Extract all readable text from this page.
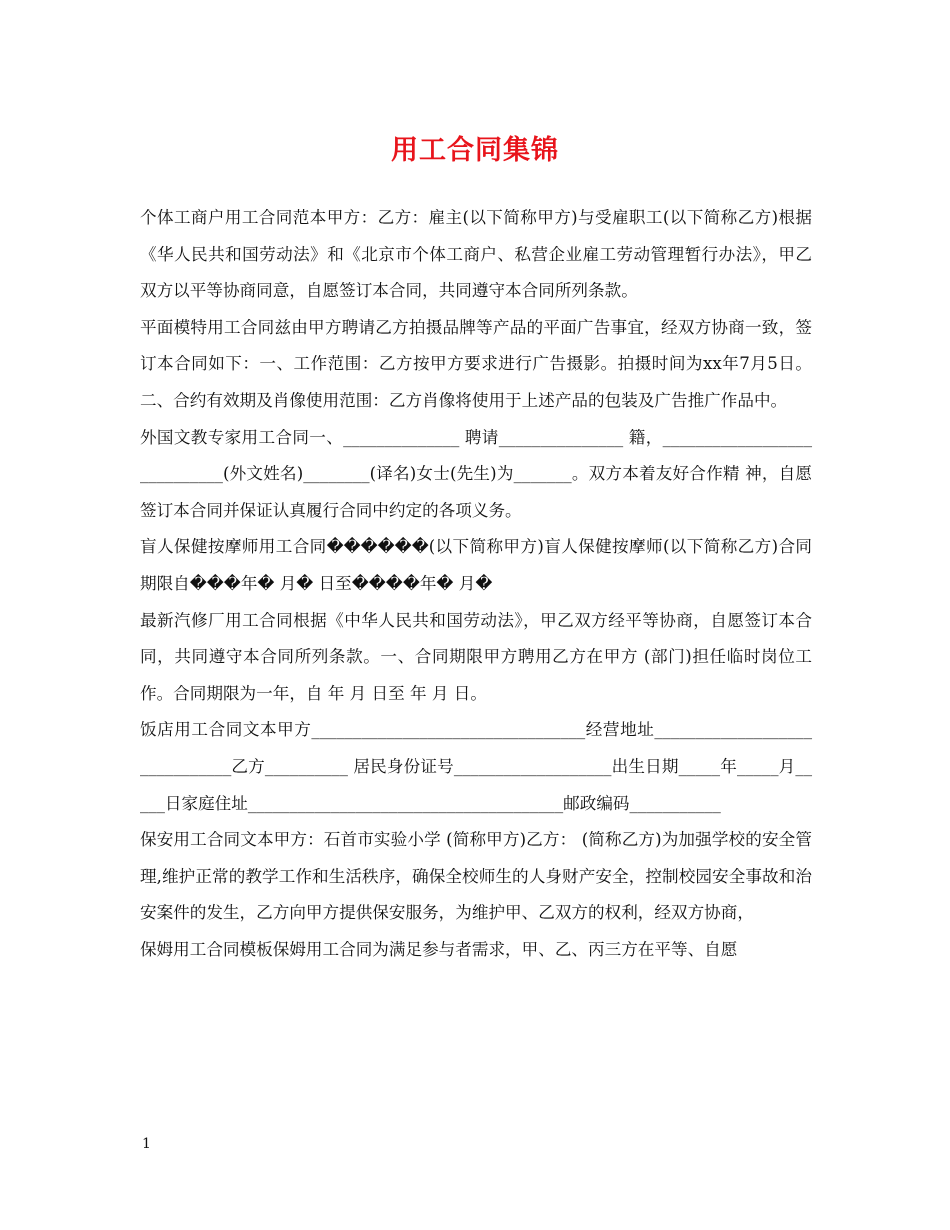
用工合同集锦

个体工商户用工合同范本甲方：乙方：雇主(以下简称甲方)与受雇职工(以下简称乙方)根据《华人民共和国劳动法》和《北京市个体工商户、私营企业雇工劳动管理暂行办法》，甲乙双方以平等协商同意，自愿签订本合同，共同遵守本合同所列条款。

平面模特用工合同兹由甲方聘请乙方拍摄品牌等产品的平面广告事宜，经双方协商一致，签订本合同如下：一、工作范围：乙方按甲方要求进行广告摄影。拍摄时间为xx年7月5日。二、合约有效期及肖像使用范围：乙方肖像将使用于上述产品的包装及广告推广作品中。

外国文教专家用工合同一、______________ 聘请_______________ 籍，____________________________(外文姓名)________(译名)女士(先生)为_______。双方本着友好合作精 神，自愿签订本合同并保证认真履行合同中约定的各项义务。

盲人保健按摩师用工合同������(以下简称甲方)盲人保健按摩师(以下简称乙方)合同期限自���年� 月� 日至����年� 月�

最新汽修厂用工合同根据《中华人民共和国劳动法》，甲乙双方经平等协商，自愿签订本合同，共同遵守本合同所列条款。一、合同期限甲方聘用乙方在甲方 (部门)担任临时岗位工作。合同期限为一年，自 年 月 日至 年 月 日。

饭店用工合同文本甲方_________________________________经营地址______________________________乙方__________ 居民身份证号___________________出生日期_____年_____月_____日家庭住址______________________________________邮政编码___________

保安用工合同文本甲方：石首市实验小学 (简称甲方)乙方： (简称乙方)为加强学校的安全管理,维护正常的教学工作和生活秩序，确保全校师生的人身财产安全，控制校园安全事故和治安案件的发生，乙方向甲方提供保安服务，为维护甲、乙双方的权利，经双方协商，

保姆用工合同模板保姆用工合同为满足参与者需求，甲、乙、丙三方在平等、自愿

1
